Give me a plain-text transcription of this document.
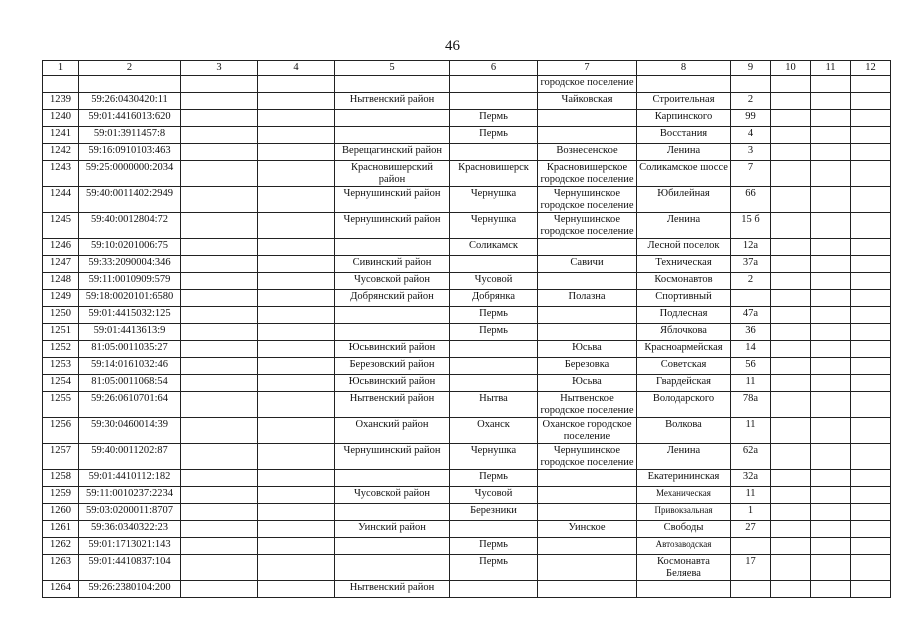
46
1	2	3	4	5	6	7	8	9	10	11	12
						городское поселение					
1239	59:26:0430420:11			Нытвенский район		Чайковская	Строительная	2			
1240	59:01:4416013:620				Пермь		Карпинского	99			
1241	59:01:3911457:8				Пермь		Восстания	4			
1242	59:16:0910103:463			Верещагинский район		Вознесенское	Ленина	3			
1243	59:25:0000000:2034			Красновишерский район	Красновишерск	Красновишерское городское поселение	Соликамское шоссе	7			
1244	59:40:0011402:2949			Чернушинский район	Чернушка	Чернушинское городское поселение	Юбилейная	66			
1245	59:40:0012804:72			Чернушинский район	Чернушка	Чернушинское городское поселение	Ленина	15 б			
1246	59:10:0201006:75				Соликамск		Лесной поселок	12а			
1247	59:33:2090004:346			Сивинский район		Савичи	Техническая	37а			
1248	59:11:0010909:579			Чусовской район	Чусовой		Космонавтов	2			
1249	59:18:0020101:6580			Добрянский район	Добрянка	Полазна	Спортивный				
1250	59:01:4415032:125				Пермь		Подлесная	47а			
1251	59:01:4413613:9				Пермь		Яблочкова	36			
1252	81:05:0011035:27			Юсьвинский район		Юсьва	Красноармейская	14			
1253	59:14:0161032:46			Березовский район		Березовка	Советская	56			
1254	81:05:0011068:54			Юсьвинский район		Юсьва	Гвардейская	11			
1255	59:26:0610701:64			Нытвенский район	Нытва	Нытвенское городское поселение	Володарского	78а			
1256	59:30:0460014:39			Оханский район	Оханск	Оханское городское поселение	Волкова	11			
1257	59:40:0011202:87			Чернушинский район	Чернушка	Чернушинское городское поселение	Ленина	62а			
1258	59:01:4410112:182				Пермь		Екатерининская	32а			
1259	59:11:0010237:2234			Чусовской район	Чусовой		Механическая	11			
1260	59:03:0200011:8707				Березники		Привокзальная	1			
1261	59:36:0340322:23			Уинский район		Уинское	Свободы	27			
1262	59:01:1713021:143				Пермь		Автозаводская				
1263	59:01:4410837:104				Пермь		Космонавта Беляева	17			
1264	59:26:2380104:200			Нытвенский район							
